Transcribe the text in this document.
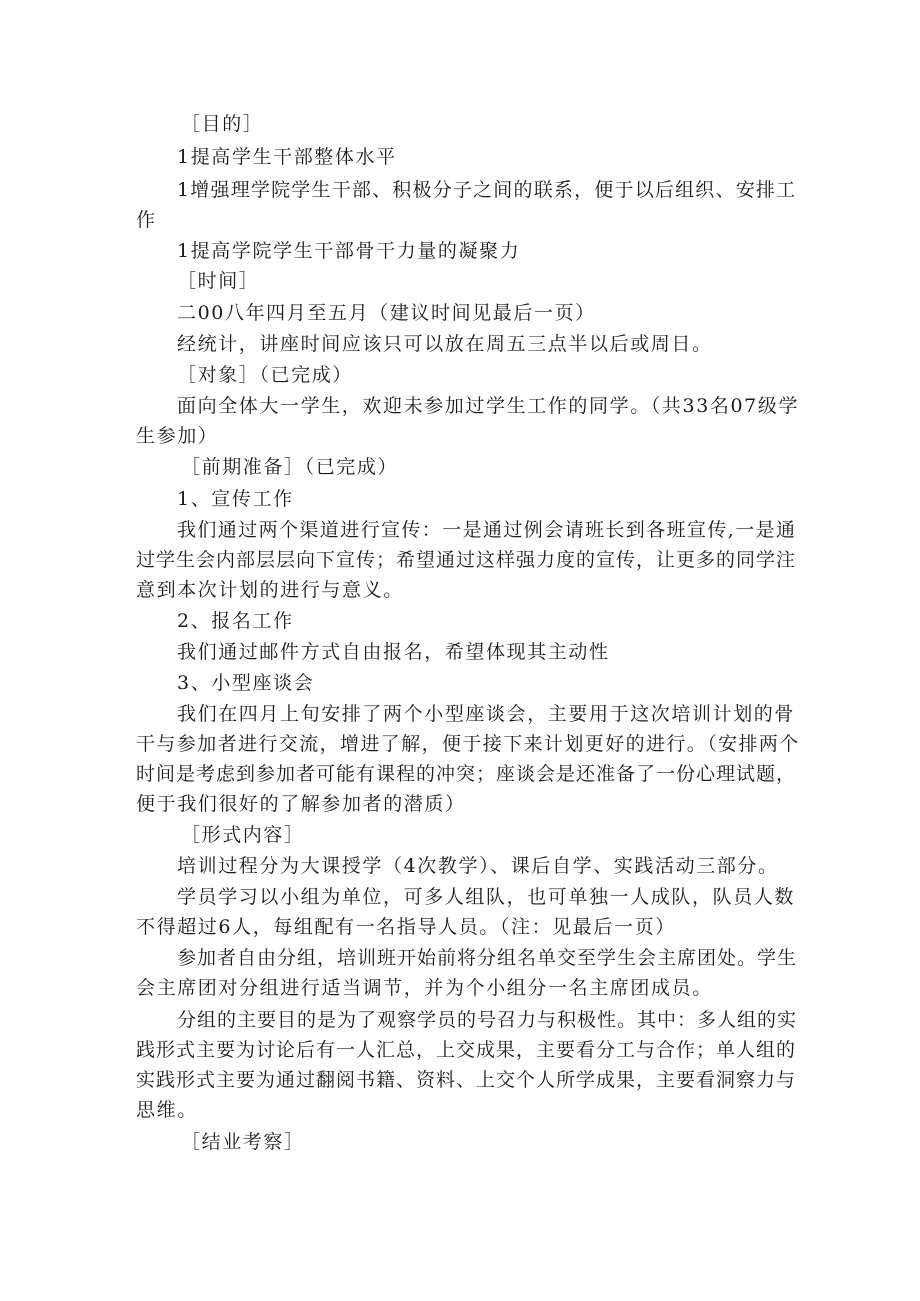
［目的］
1提高学生干部整体水平
1增强理学院学生干部、积极分子之间的联系，便于以后组织、安排工
作
1提高学院学生干部骨干力量的凝聚力
［时间］
二00八年四月至五月（建议时间见最后一页）
经统计，讲座时间应该只可以放在周五三点半以后或周日。
［对象］（已完成）
面向全体大一学生，欢迎未参加过学生工作的同学。（共33名07级学
生参加）
［前期准备］（已完成）
1、宣传工作
我们通过两个渠道进行宣传：一是通过例会请班长到各班宣传,一是通
过学生会内部层层向下宣传；希望通过这样强力度的宣传，让更多的同学注
意到本次计划的进行与意义。
2、报名工作
我们通过邮件方式自由报名，希望体现其主动性
3、小型座谈会
我们在四月上旬安排了两个小型座谈会，主要用于这次培训计划的骨
干与参加者进行交流，增进了解，便于接下来计划更好的进行。（安排两个
时间是考虑到参加者可能有课程的冲突；座谈会是还准备了一份心理试题，
便于我们很好的了解参加者的潜质）
［形式内容］
培训过程分为大课授学（4次教学）、课后自学、实践活动三部分。
学员学习以小组为单位，可多人组队，也可单独一人成队，队员人数
不得超过6人，每组配有一名指导人员。（注：见最后一页）
参加者自由分组，培训班开始前将分组名单交至学生会主席团处。学生
会主席团对分组进行适当调节，并为个小组分一名主席团成员。
分组的主要目的是为了观察学员的号召力与积极性。其中：多人组的实
践形式主要为讨论后有一人汇总，上交成果，主要看分工与合作；单人组的
实践形式主要为通过翻阅书籍、资料、上交个人所学成果，主要看洞察力与
思维。
［结业考察］
